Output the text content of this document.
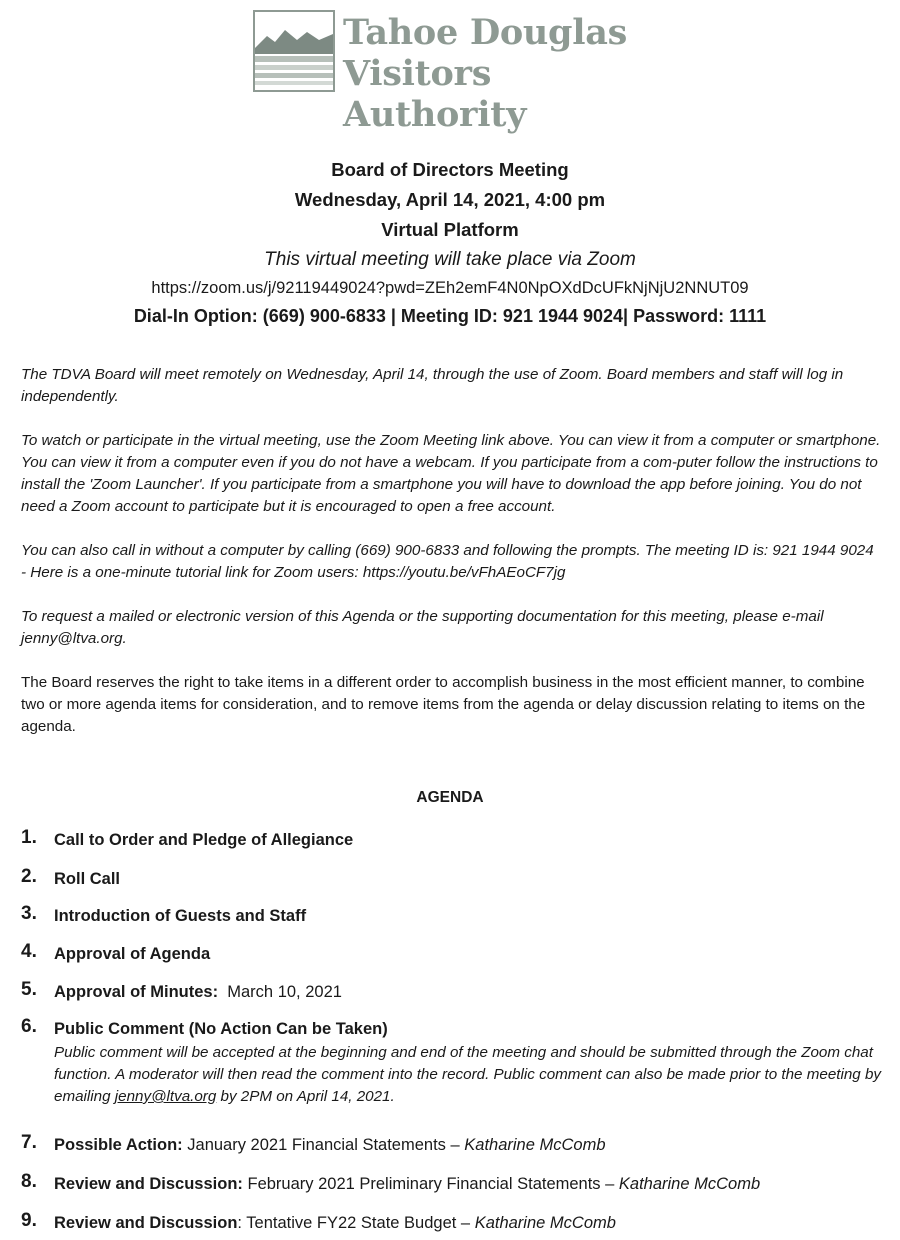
Tahoe Douglas
Visitors Authority
Board of Directors Meeting
Wednesday, April 14, 2021, 4:00 pm
Virtual Platform
This virtual meeting will take place via Zoom
https://zoom.us/j/92119449024?pwd=ZEh2emF4N0NpOXdDcUFkNjNjU2NNUT09
Dial-In Option: (669) 900-6833 | Meeting ID: 921 1944 9024| Password: 1111

The TDVA Board will meet remotely on Wednesday, April 14, through the use of Zoom. Board members and staff will log in independently.

To watch or participate in the virtual meeting, use the Zoom Meeting link above. You can view it from a computer or smartphone. You can view it from a computer even if you do not have a webcam. If you participate from a com-puter follow the instructions to install the 'Zoom Launcher'. If you participate from a smartphone you will have to download the app before joining. You do not need a Zoom account to participate but it is encouraged to open a free account.

You can also call in without a computer by calling (669) 900-6833 and following the prompts. The meeting ID is: 921 1944 9024 - Here is a one-minute tutorial link for Zoom users: https://youtu.be/vFhAEoCF7jg

To request a mailed or electronic version of this Agenda or the supporting documentation for this meeting, please e-mail jenny@ltva.org.

The Board reserves the right to take items in a different order to accomplish business in the most efficient manner, to combine two or more agenda items for consideration, and to remove items from the agenda or delay discussion relating to items on the agenda.

AGENDA
1. Call to Order and Pledge of Allegiance
2. Roll Call
3. Introduction of Guests and Staff
4. Approval of Agenda
5. Approval of Minutes: March 10, 2021
6. Public Comment (No Action Can be Taken)
Public comment will be accepted at the beginning and end of the meeting and should be submitted through the Zoom chat function. A moderator will then read the comment into the record. Public comment can also be made prior to the meeting by emailing jenny@ltva.org by 2PM on April 14, 2021.
7. Possible Action: January 2021 Financial Statements – Katharine McComb
8. Review and Discussion: February 2021 Preliminary Financial Statements – Katharine McComb
9. Review and Discussion: Tentative FY22 State Budget – Katharine McComb
